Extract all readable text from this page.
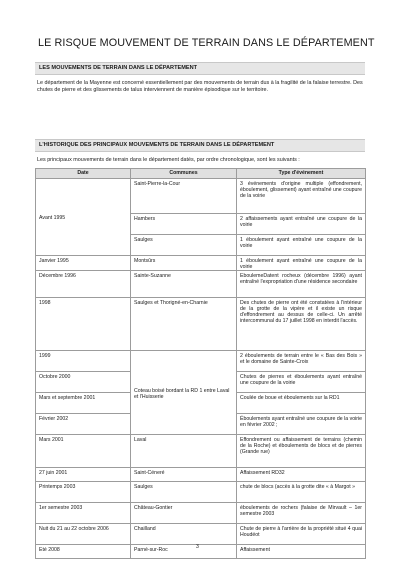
LE RISQUE MOUVEMENT DE TERRAIN DANS LE DÉPARTEMENT
LES MOUVEMENTS DE TERRAIN DANS LE DÉPARTEMENT
Le département de la Mayenne est concerné essentiellement par des mouvements de terrain dus à la fragilité de la falaise terrestre. Des chutes de pierre et des glissements de talus interviennent de manière épisodique sur le territoire.
L'HISTORIQUE DES PRINCIPAUX MOUVEMENTS DE TERRAIN DANS LE DÉPARTEMENT
Les principaux mouvements de terrain dans le département datés, par ordre chronologique, sont les suivants :
Date	Communes	Type d'événement
Avant 1995	Saint-Pierre-la-Cour	3 événements d'origine multiple (effondrement, éboulement, glissement) ayant entraîné une coupure de la voirie
	Hambers	2 affaissements ayant entraîné une coupure de la voirie
	Saulges	1 éboulement ayant entraîné une coupure de la voirie
Janvier 1995	Montsûrs	1 éboulement ayant entraîné une coupure de la voirie
Décembre 1996	Sainte-Suzanne	EboulemeDatent rocheux (décembre 1996) ayant entraîné l'expropriation d'une résidence secondaire
1998	Saulges et Thorigné-en-Charnie	Des chutes de pierre ont été constatées à l'intérieur de la grotte de la vipère et il existe un risque d'effondrement au dessus de celle-ci. Un arrêté intercommunal du 17 juillet 1998 en interdit l'accès.
1999	Coteau boisé bordant la RD 1 entre Laval et l'Huisserie	2 éboulements de terrain entre le « Bas des Bois » et le domaine de Sainte-Croix
Octobre 2000		Chutes de pierres et éboulements ayant entraîné une coupure de la voirie
Mars et septembre 2001		Coulée de boue et éboulements sur la RD1
Février 2002		Éboulements ayant entraîné une coupure de la voirie en février 2002 ;
Mars 2001	Laval	Effondrement ou affaissement de terrains (chemin de la Roche) et éboulements de blocs et de pierres (Grande rue)
27 juin 2001	Saint-Céneré	Affaissement RD32
Printemps 2003	Saulges	chute de blocs (accès à la grotte dite « à Margot »
1er semestre 2003	Château-Gontier	éboulements de rochers (falaise de Mirvault – 1er semestre 2003
Nuit du 21 au 22 octobre 2006	Chailland	Chute de pierre à l'arrière de la propriété situé 4 quai Houdéot
Eté 2008	Parné-sur-Roc	Affaissement
3
